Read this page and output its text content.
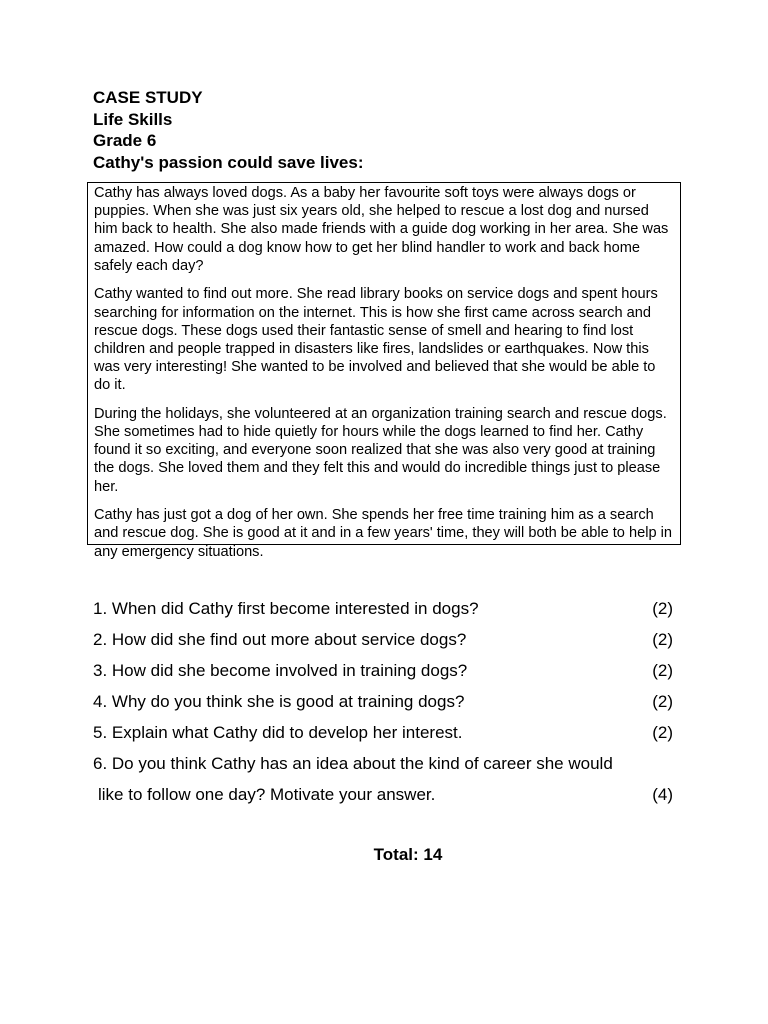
CASE STUDY
Life Skills
Grade 6
Cathy's passion could save lives:

Cathy has always loved dogs. As a baby her favourite soft toys were always dogs or puppies. When she was just six years old, she helped to rescue a lost dog and nursed him back to health. She also made friends with a guide dog working in her area. She was amazed. How could a dog know how to get her blind handler to work and back home safely each day?

Cathy wanted to find out more. She read library books on service dogs and spent hours searching for information on the internet. This is how she first came across search and rescue dogs. These dogs used their fantastic sense of smell and hearing to find lost children and people trapped in disasters like fires, landslides or earthquakes. Now this was very interesting! She wanted to be involved and believed that she would be able to do it.

During the holidays, she volunteered at an organization training search and rescue dogs. She sometimes had to hide quietly for hours while the dogs learned to find her. Cathy found it so exciting, and everyone soon realized that she was also very good at training the dogs. She loved them and they felt this and would do incredible things just to please her.

Cathy has just got a dog of her own. She spends her free time training him as a search and rescue dog. She is good at it and in a few years' time, they will both be able to help in any emergency situations.

1. When did Cathy first become interested in dogs?	(2)
2. How did she find out more about service dogs?	(2)
3. How did she become involved in training dogs?	(2)
4. Why do you think she is good at training dogs?	(2)
5. Explain what Cathy did to develop her interest.	(2)
6. Do you think Cathy has an idea about the kind of career she would
like to follow one day? Motivate your answer.	(4)
Total: 14
